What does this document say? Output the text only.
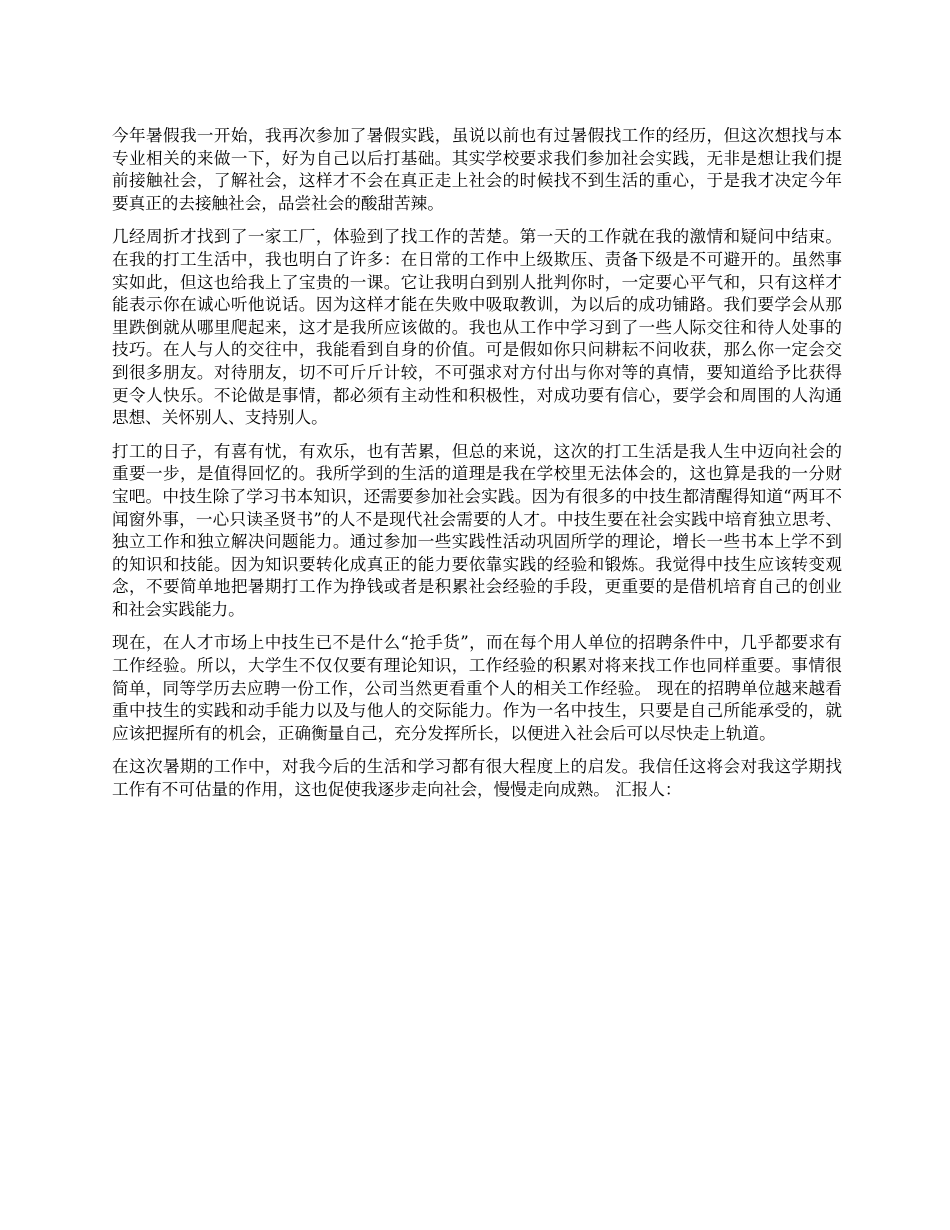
今年暑假我一开始，我再次参加了暑假实践，虽说以前也有过暑假找工作的经历，但这次想找与本专业相关的来做一下，好为自己以后打基础。其实学校要求我们参加社会实践，无非是想让我们提前接触社会，了解社会，这样才不会在真正走上社会的时候找不到生活的重心，于是我才决定今年要真正的去接触社会，品尝社会的酸甜苦辣。

几经周折才找到了一家工厂，体验到了找工作的苦楚。第一天的工作就在我的激情和疑问中结束。 在我的打工生活中，我也明白了许多：在日常的工作中上级欺压、责备下级是不可避开的。虽然事实如此，但这也给我上了宝贵的一课。它让我明白到别人批判你时，一定要心平气和，只有这样才能表示你在诚心听他说话。因为这样才能在失败中吸取教训，为以后的成功铺路。我们要学会从那里跌倒就从哪里爬起来，这才是我所应该做的。我也从工作中学习到了一些人际交往和待人处事的技巧。在人与人的交往中，我能看到自身的价值。可是假如你只问耕耘不问收获，那么你一定会交到很多朋友。对待朋友，切不可斤斤计较，不可强求对方付出与你对等的真情，要知道给予比获得更令人快乐。不论做是事情，都必须有主动性和积极性，对成功要有信心，要学会和周围的人沟通思想、关怀别人、支持别人。

打工的日子，有喜有忧，有欢乐，也有苦累，但总的来说，这次的打工生活是我人生中迈向社会的重要一步，是值得回忆的。我所学到的生活的道理是我在学校里无法体会的，这也算是我的一分财宝吧。中技生除了学习书本知识，还需要参加社会实践。因为有很多的中技生都清醒得知道“两耳不闻窗外事，一心只读圣贤书”的人不是现代社会需要的人才。中技生要在社会实践中培育独立思考、独立工作和独立解决问题能力。通过参加一些实践性活动巩固所学的理论，增长一些书本上学不到的知识和技能。因为知识要转化成真正的能力要依靠实践的经验和锻炼。我觉得中技生应该转变观念，不要简单地把暑期打工作为挣钱或者是积累社会经验的手段，更重要的是借机培育自己的创业和社会实践能力。

现在，在人才市场上中技生已不是什么“抢手货”，而在每个用人单位的招聘条件中，几乎都要求有工作经验。所以，大学生不仅仅要有理论知识，工作经验的积累对将来找工作也同样重要。事情很简单，同等学历去应聘一份工作，公司当然更看重个人的相关工作经验。 现在的招聘单位越来越看重中技生的实践和动手能力以及与他人的交际能力。作为一名中技生，只要是自己所能承受的，就应该把握所有的机会，正确衡量自己，充分发挥所长，以便进入社会后可以尽快走上轨道。

在这次暑期的工作中，对我今后的生活和学习都有很大程度上的启发。我信任这将会对我这学期找工作有不可估量的作用，这也促使我逐步走向社会，慢慢走向成熟。 汇报人：
